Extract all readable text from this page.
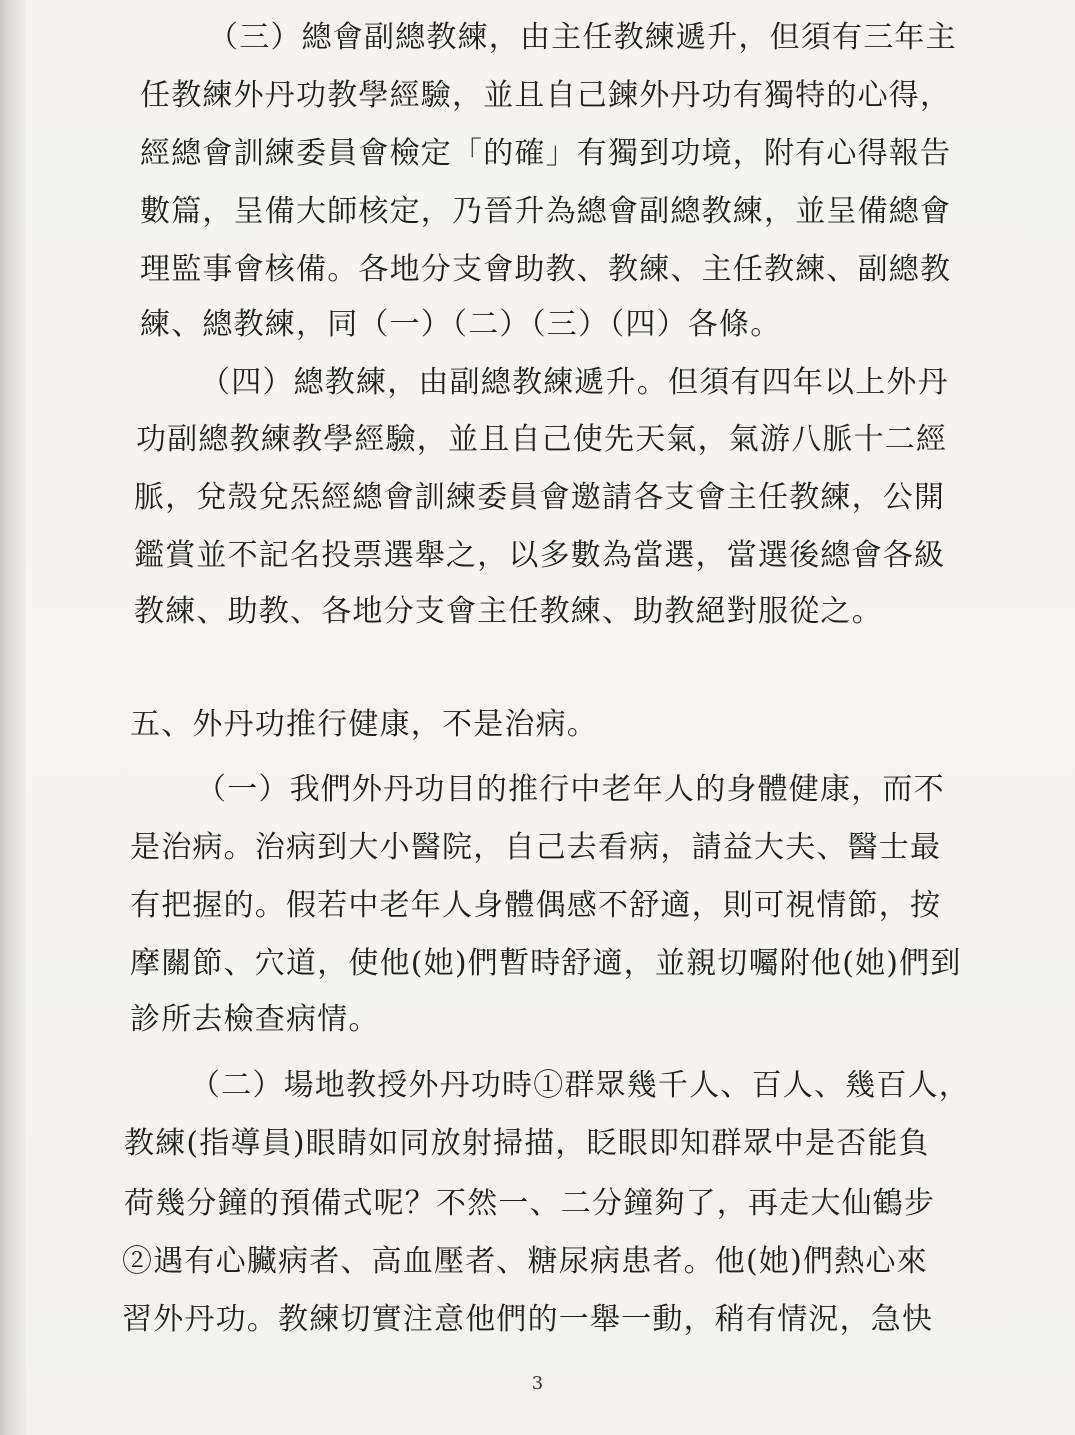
（三）總會副總教練，由主任教練遞升，但須有三年主
任教練外丹功教學經驗，並且自己鍊外丹功有獨特的心得，
經總會訓練委員會檢定「的確」有獨到功境，附有心得報告
數篇，呈備大師核定，乃晉升為總會副總教練，並呈備總會
理監事會核備。各地分支會助教、教練、主任教練、副總教
練、總教練，同（一）（二）（三）（四）各條。
（四）總教練，由副總教練遞升。但須有四年以上外丹
功副總教練教學經驗，並且自己使先天氣，氣游八脈十二經
脈，兌殼兌炁經總會訓練委員會邀請各支會主任教練，公開
鑑賞並不記名投票選舉之，以多數為當選，當選後總會各級
教練、助教、各地分支會主任教練、助教絕對服從之。
五、外丹功推行健康，不是治病。
（一）我們外丹功目的推行中老年人的身體健康，而不
是治病。治病到大小醫院，自己去看病，請益大夫、醫士最
有把握的。假若中老年人身體偶感不舒適，則可視情節，按
摩關節、穴道，使他(她)們暫時舒適，並親切囑附他(她)們到
診所去檢查病情。
（二）場地教授外丹功時①群眾幾千人、百人、幾百人，
教練(指導員)眼睛如同放射掃描，眨眼即知群眾中是否能負
荷幾分鐘的預備式呢？不然一、二分鐘夠了，再走大仙鶴步
②遇有心臟病者、高血壓者、糖尿病患者。他(她)們熱心來
習外丹功。教練切實注意他們的一舉一動，稍有情況，急快
3
